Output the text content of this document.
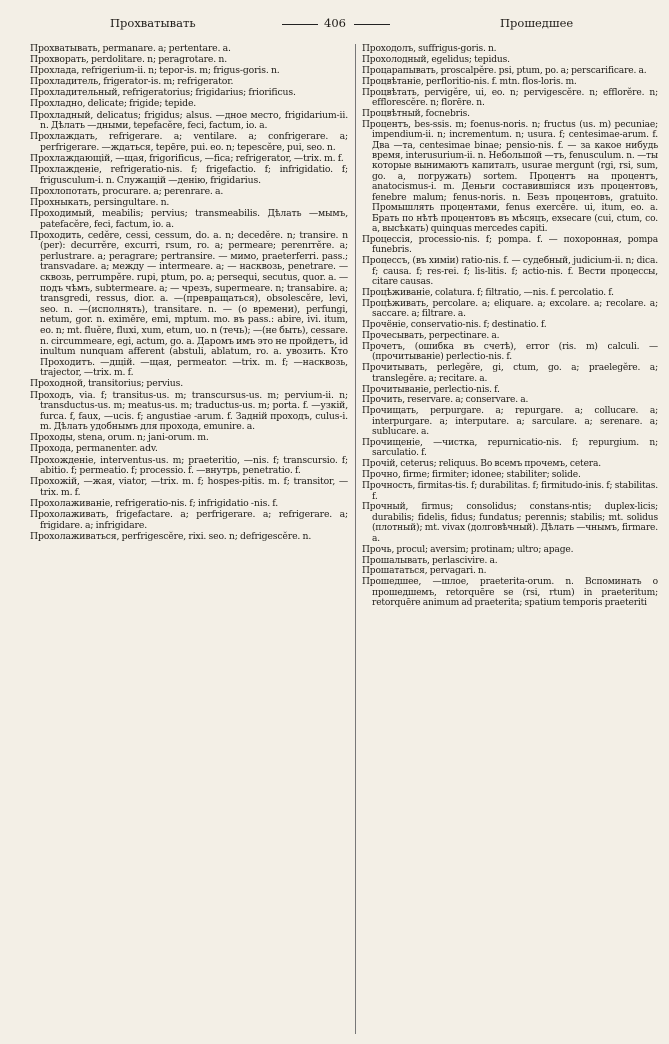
Прохватывать	406	Прошедшее

Прохватывать, permanare. a; pertentare. a.

Прохворать, perdolitare. n; peragrotare. n.

Прохлада, refrigerium-ii. n; tepor-is. m; frigus-goris. n.

Прохладитель, frigerator-is. m; refrigerator.

Прохладительный, refrigeratorius; frigidarius; friorificus.

Прохладно, delicate; frigide; tepide.

Прохладный, delicatus; frigidus; alsus. —дное место, frigidarium-ii. n. Дѣлать —дными, tepefacĕre, feci, factum, io. a.

Прохлаждать, refrigerare. a; ventilare. a; confrigerare. a; perfrigerare. —ждаться, tepēre, pui. eo. n; tepescĕre, pui, seo. n.

Прохлаждающій, —щая, frigorificus, —fica; refrigerator, —trix. m. f.

Прохлажденіе, refrigeratio-nis. f; frigefactio. f; infrigidatio. f; frigusculum-i. n. Служащій —денію, frigidarius.

Прохлопотать, procurare. a; perenrare. a.

Прохныкать, persingultare. n.

Проходимый, meabilis; pervius; transmeabilis. Дѣлать —мымъ, patefacĕre, feci, factum, io. a.

Проходить, cedĕre, cessi, cessum, do. a. n; decedĕre. n; transire. n (per): decurrĕre, excurri, rsum, ro. a; permeare; perenrrĕre. a; perlustrare. a; peragrare; pertransire. — мимо, praeterferri. pass.; transvadare. a; между — intermeare. a; — насквозь, penetrare. —сквозь, perrumpĕre. rupi, ptum, po. a; persequi, secutus, quor. a. — подъ чѣмъ, subtermeare. a; — чрезъ, supermeare. n; transabire. a; transgredi, ressus, dior. a. —(превращаться), obsolescĕre, levi, seo. n. —(исполнять), transitare. n. — (о времени), perfungi, netum, gor. n. eximĕre, emi, mptum. mo. въ pass.: abire, ivi. itum, eo. n; mt. fluĕre, fluxi, xum, etum, uo. n (течь); —(не быть), cessare. n. circummeare, egi, actum, go. a. Даромъ имъ это не пройдетъ, id inultum nunquam afferent (abstuli, ablatum, ro. a. увозить. Кто Проходитъ. —дщій. —щая, permeator. —trix. m. f; —насквозь, trajector, —trix. m. f.

Проходной, transitorius; pervius.

Проходъ, via. f; transitus-us. m; transcursus-us. m; pervium-ii. n; transductus-us. m; meatus-us. m; traductus-us. m; porta. f. —узкій, furca. f, faux, —ucis. f; angustiae -arum. f. Задній проходъ, culus-i. m. Дѣлать удобнымъ для прохода, emunire. a.

Проходы, stena, orum. n; jani-orum. m.

Прохода, permanenter. adv.

Прохожденіе, interventus-us. m; praeteritio, —nis. f; transcursio. f; abitio. f; permeatio. f; processio. f. —внутрь, penetratio. f.

Прохожій, —жая, viator, —trix. m. f; hospes-pitis. m. f; transitor, —trix. m. f.

Прохолаживаніе, refrigeratio-nis. f; infrigidatio -nis. f.

Прохолаживать, frigefactare. a; perfrigerare. a; refrigerare. a; frigidare. a; infrigidare.

Прохолаживаться, perfrigescĕre, rixi. seo. n; defrigescĕre. n.

Проходолъ, suffrigus-goris. n.

Прохолодный, egelidus; tepidus.

Процарапывать, proscalpĕre. psi, ptum, po. a; perscarificare. a.

Процвѣтаніе, perfloritio-nis. f. mtn. flos-loris. m.

Процвѣтать, pervigĕre, ui, eo. n; pervigescĕre. n; efflorĕre. n; efflorescĕre. n; florēre. n.

Процвѣтный, focnebris.

Процентъ, bes-ssis. m; foenus-noris. n; fructus (us. m) pecuniae; impendium-ii. n; incrementum. n; usura. f; centesimae-arum. f. Два —та, centesimae binae; pensio-nis. f. — за какое нибудь время, interusurium-ii. n. Небольшой —тъ, fenusculum. n. —ты которые вынимаютъ капиталъ, usurae mergunt (rgi, rsi, sum, go. a, погружать) sortem. Процентъ на процентъ, anatocismus-i. m. Деньги составившіяся изъ процентовъ, fenebre malum; fenus-noris. n. Безъ процентовъ, gratuito. Промышлять процентами, fenus exercēre. ui, itum, eo. a. Брать по нѣтѣ процентовъ въ мѣсяцъ, exsecare (cui, ctum, co. a, высѣкать) quinquas mercedes capiti.

Процессія, processio-nis. f; pompa. f. — похоронная, pompa funebris.

Процессъ, (въ химіи) ratio-nis. f. — судебный, judicium-ii. n; dica. f; causa. f; res-rei. f; lis-litis. f; actio-nis. f. Вести процессы, citare causas.

Процѣживаніе, colatura. f; filtratio, —nis. f. percolatio. f.

Процѣживать, percolare. a; eliquare. a; excolare. a; recolare. a; saccare. a; filtrare. a.

Прочёніе, conservatio-nis. f; destinatio. f.

Прочесывать, perpectinare. a.

Прочетъ, (ошибка въ счетѣ), error (ris. m) calculi. — (прочитываніе) perlectio-nis. f.

Прочитывать, perlegĕre, gi, ctum, go. a; praelegĕre. a; translegĕre. a; recitare. a.

Прочитываніе, perlectio-nis. f.

Прочить, reservare. a; conservare. a.

Прочищать, perpurgare. a; repurgare. a; collucare. a; interpurgare. a; interputare. a; sarculare. a; serenare. a; sublucare. a.

Прочищеніе, —чистка, repurnicatio-nis. f; repurgium. n; sarculatio. f.

Прочій, ceterus; reliquus. Во всемъ прочемъ, cetera.

Прочно, firme; firmiter; idonee; stabiliter; solide.

Прочность, firmitas-tis. f; durabilitas. f; firmitudo-inis. f; stabilitas. f.

Прочный, firmus; consolidus; constans-ntis; duplex-licis; durabilis; fidelis, fidus; fundatus; perennis; stabilis; mt. solidus (плотный); mt. vivax (долговѣчный). Дѣлать —чнымъ, firmare. a.

Прочь, procul; aversim; protinam; ultro; apage.

Прошалывать, perlascivire. a.

Прошататься, pervagari. n.

Прошедшее, —шлое, praeterita-orum. n. Вспоминать о прошедшемъ, retorquēre se (rsi, rtum) in praeteritum; retorquēre animum ad praeterita; spatium temporis praeteriti
